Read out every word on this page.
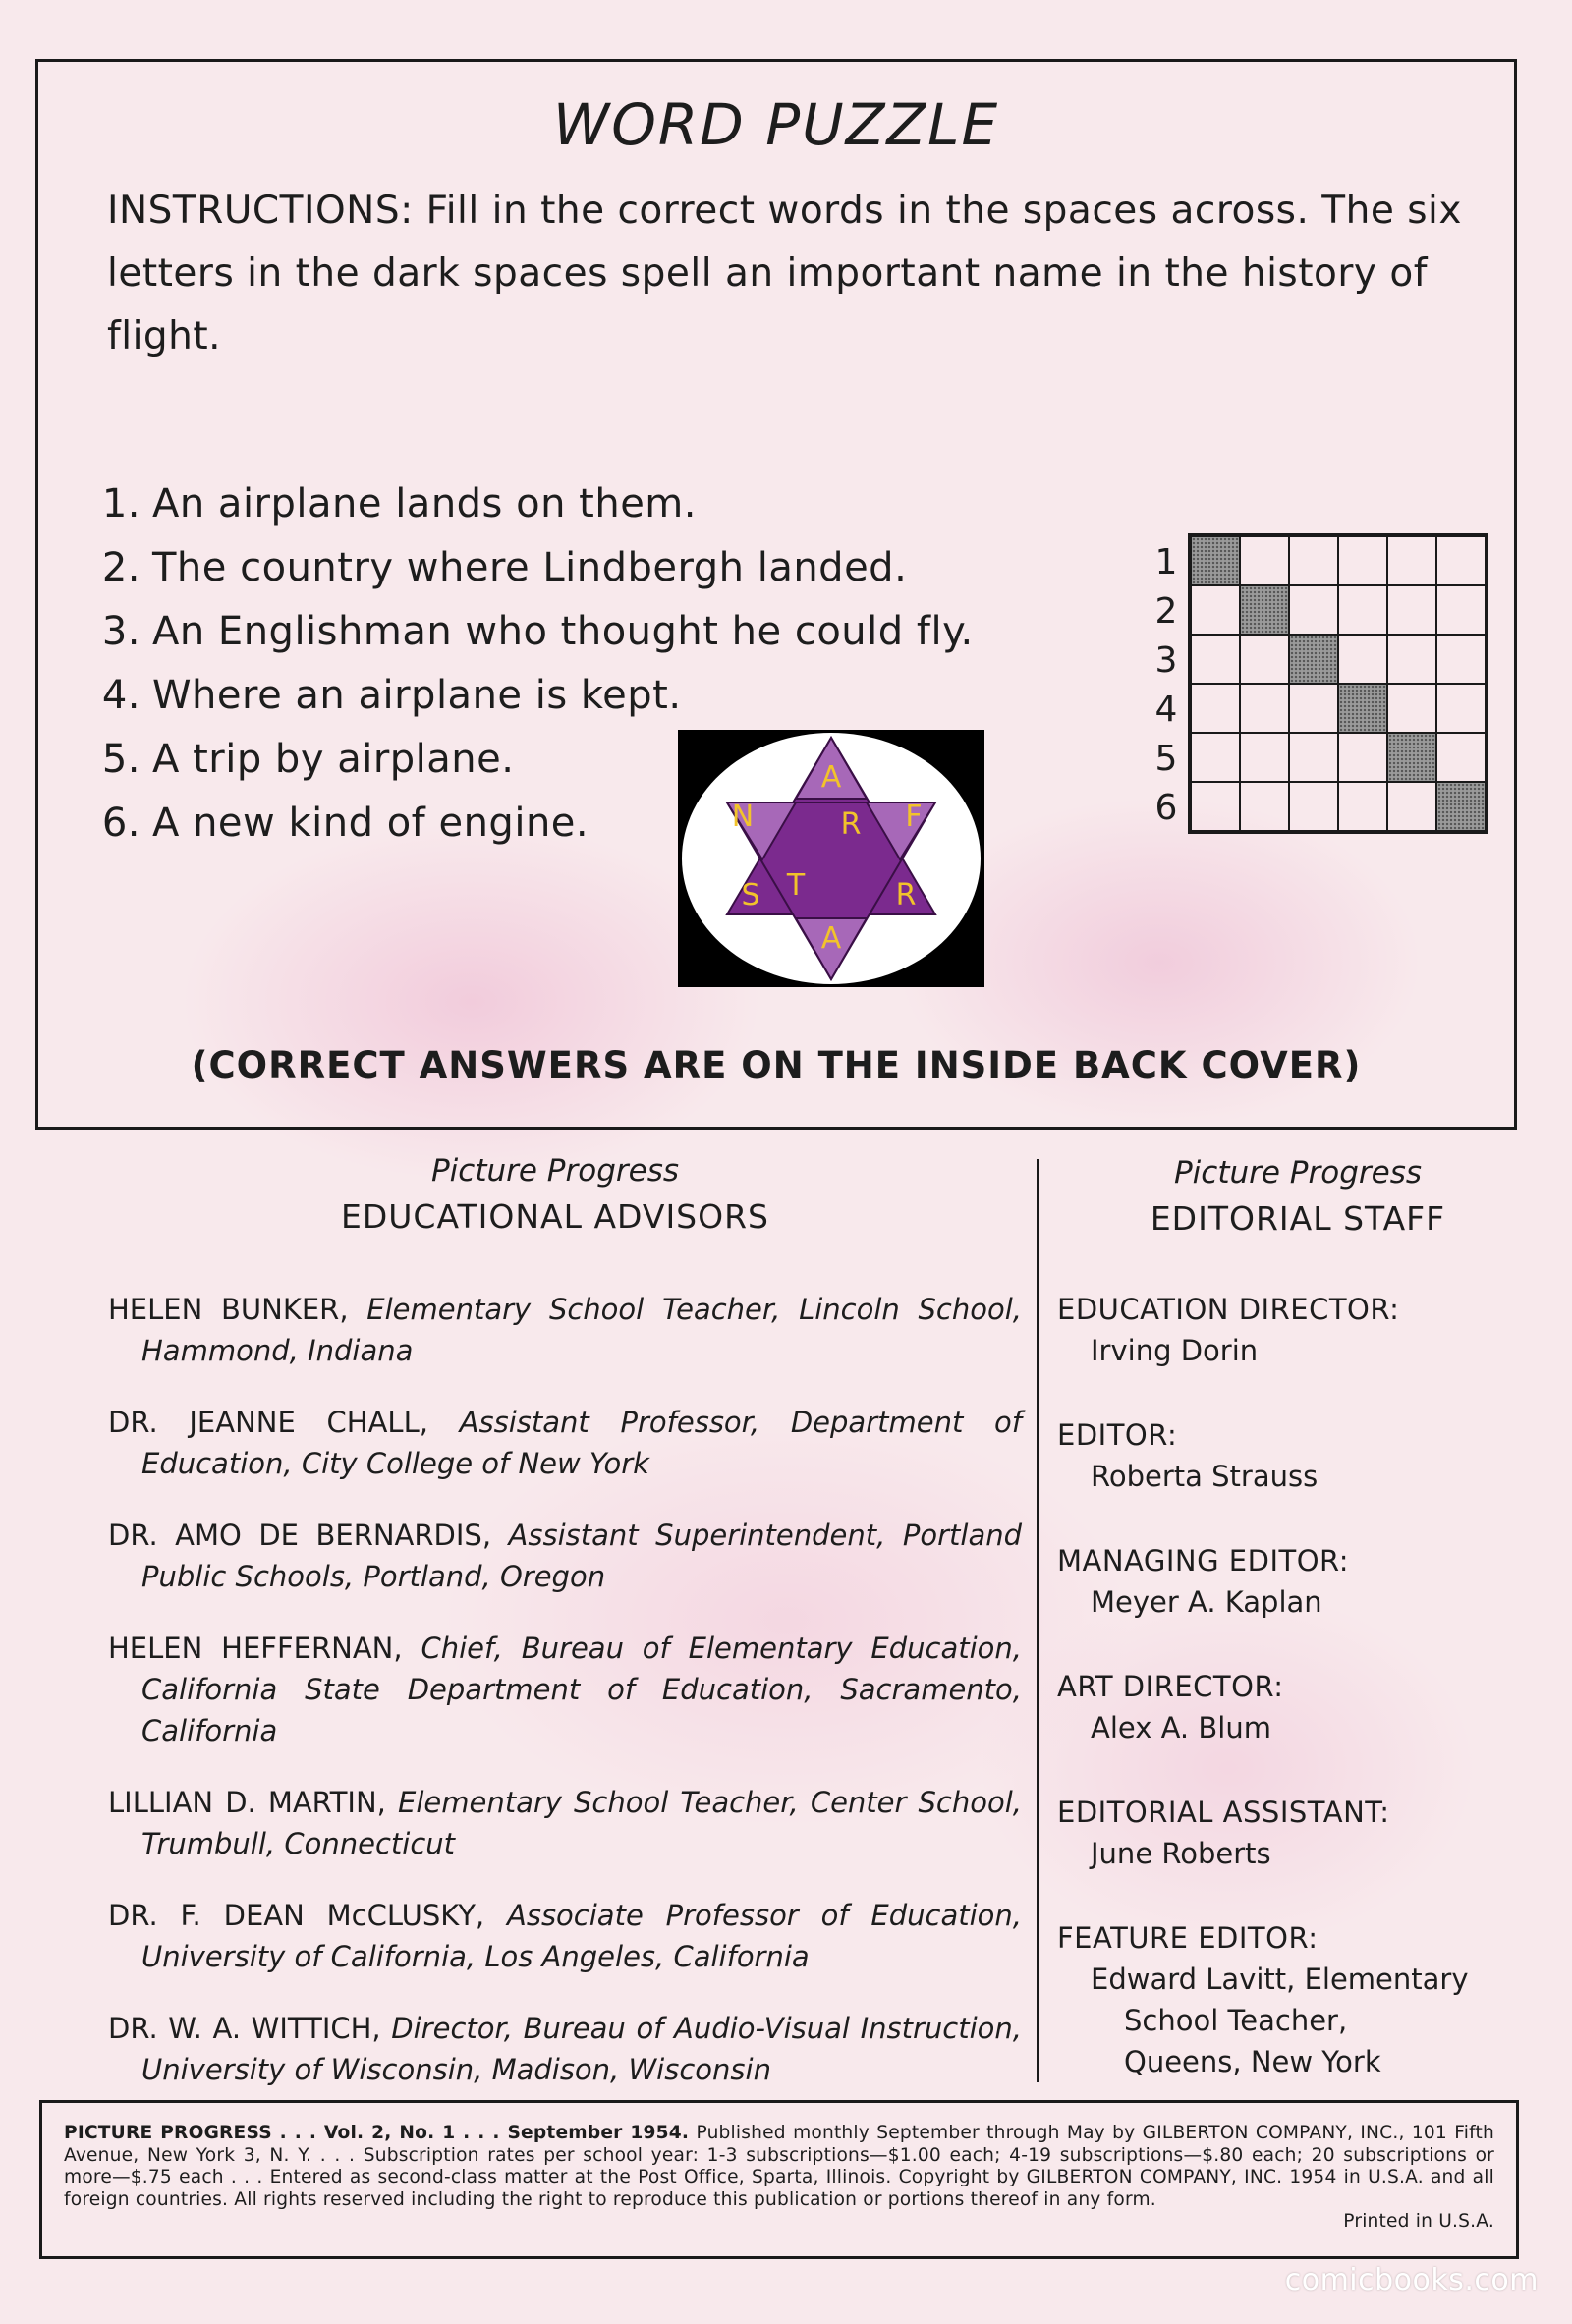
WORD PUZZLE
INSTRUCTIONS: Fill in the correct words in the spaces across. The six letters in the dark spaces spell an important name in the history of flight.
1. An airplane lands on them.
2. The country where Lindbergh landed.
3. An Englishman who thought he could fly.
4. Where an airplane is kept.
5. A trip by airplane.
6. A new kind of engine.
A
N	R F
S T	R
A
1
2
3
4
5
6
(CORRECT ANSWERS ARE ON THE INSIDE BACK COVER)
Picture Progress
EDUCATIONAL ADVISORS
HELEN BUNKER, Elementary School Teacher, Lincoln School, Hammond, Indiana
DR. JEANNE CHALL, Assistant Professor, Department of Education, City College of New York
DR. AMO DE BERNARDIS, Assistant Superintendent, Portland Public Schools, Portland, Oregon
HELEN HEFFERNAN, Chief, Bureau of Elementary Education, California State Department of Education, Sacramento, California
LILLIAN D. MARTIN, Elementary School Teacher, Center School, Trumbull, Connecticut
DR. F. DEAN McCLUSKY, Associate Professor of Education, University of California, Los Angeles, California
DR. W. A. WITTICH, Director, Bureau of Audio-Visual Instruction, University of Wisconsin, Madison, Wisconsin
Picture Progress
EDITORIAL STAFF
EDUCATION DIRECTOR:
Irving Dorin
EDITOR:
Roberta Strauss
MANAGING EDITOR:
Meyer A. Kaplan
ART DIRECTOR:
Alex A. Blum
EDITORIAL ASSISTANT:
June Roberts
FEATURE EDITOR:
Edward Lavitt, Elementary
School Teacher,
Queens, New York
PICTURE PROGRESS . . . Vol. 2, No. 1 . . . September 1954. Published monthly September through May by GILBERTON COMPANY, INC., 101 Fifth Avenue, New York 3, N. Y. . . . Subscription rates per school year: 1-3 subscriptions—$1.00 each; 4-19 subscriptions—$.80 each; 20 subscriptions or more—$.75 each . . . Entered as second-class matter at the Post Office, Sparta, Illinois. Copyright by GILBERTON COMPANY, INC. 1954 in U.S.A. and all foreign countries. All rights reserved including the right to reproduce this publication or portions thereof in any form.
Printed in U.S.A.
comicbooks.com
